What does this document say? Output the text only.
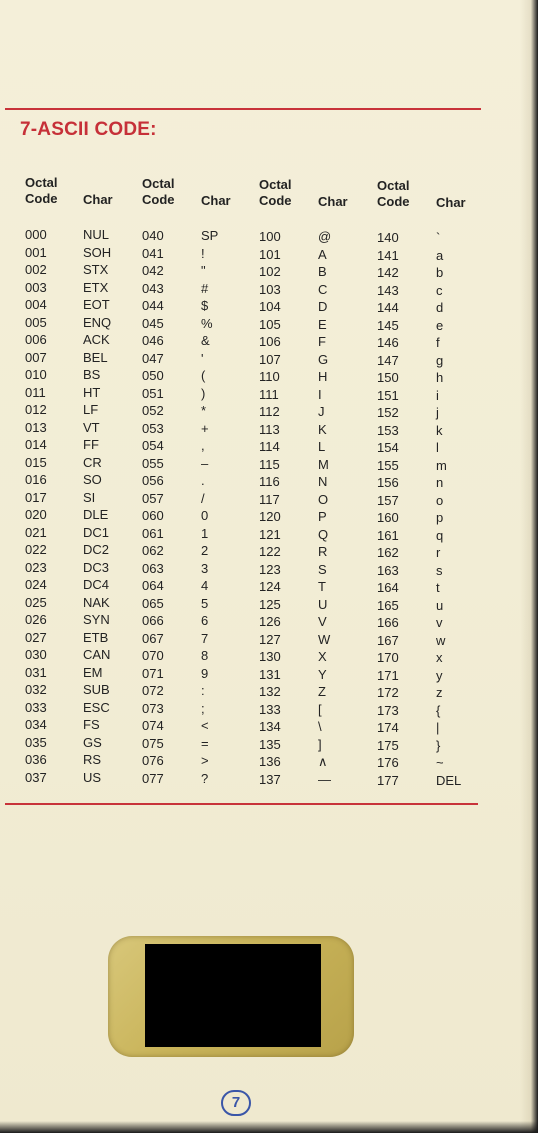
7-ASCII CODE:
Octal
Code Char
000	NUL
001	SOH
002	STX
003	ETX
004	EOT
005	ENQ
006	ACK
007	BEL
010	BS
011	HT
012	LF
013	VT
014	FF
015	CR
016	SO
017	SI
020	DLE
021	DC1
022	DC2
023	DC3
024	DC4
025	NAK
026	SYN
027	ETB
030	CAN
031	EM
032	SUB
033	ESC
034	FS
035	GS
036	RS
037	US
Octal
Code Char
040	SP
041	!
042	"
043	#
044	$
045	%
046	&
047	'
050	(
051	)
052	*
053	+
054	,
055	–
056	.
057	/
060	0
061	1
062	2
063	3
064	4
065	5
066	6
067	7
070	8
071	9
072	:
073	;
074	<
075	=
076	>
077	?
Octal
Code Char
100	@
101	A
102	B
103	C
104	D
105	E
106	F
107	G
110	H
111	I
112	J
113	K
114	L
115	M
116	N
117	O
120	P
121	Q
122	R
123	S
124	T
125	U
126	V
127	W
130	X
131	Y
132	Z
133	[
134	\
135	]
136	∧
137	—
Octal
Code Char
140	`
141	a
142	b
143	c
144	d
145	e
146	f
147	g
150	h
151	i
152	j
153	k
154	l
155	m
156	n
157	o
160	p
161	q
162	r
163	s
164	t
165	u
166	v
167	w
170	x
171	y
172	z
173	{
174	|
175	}
176	~
177	DEL
7
